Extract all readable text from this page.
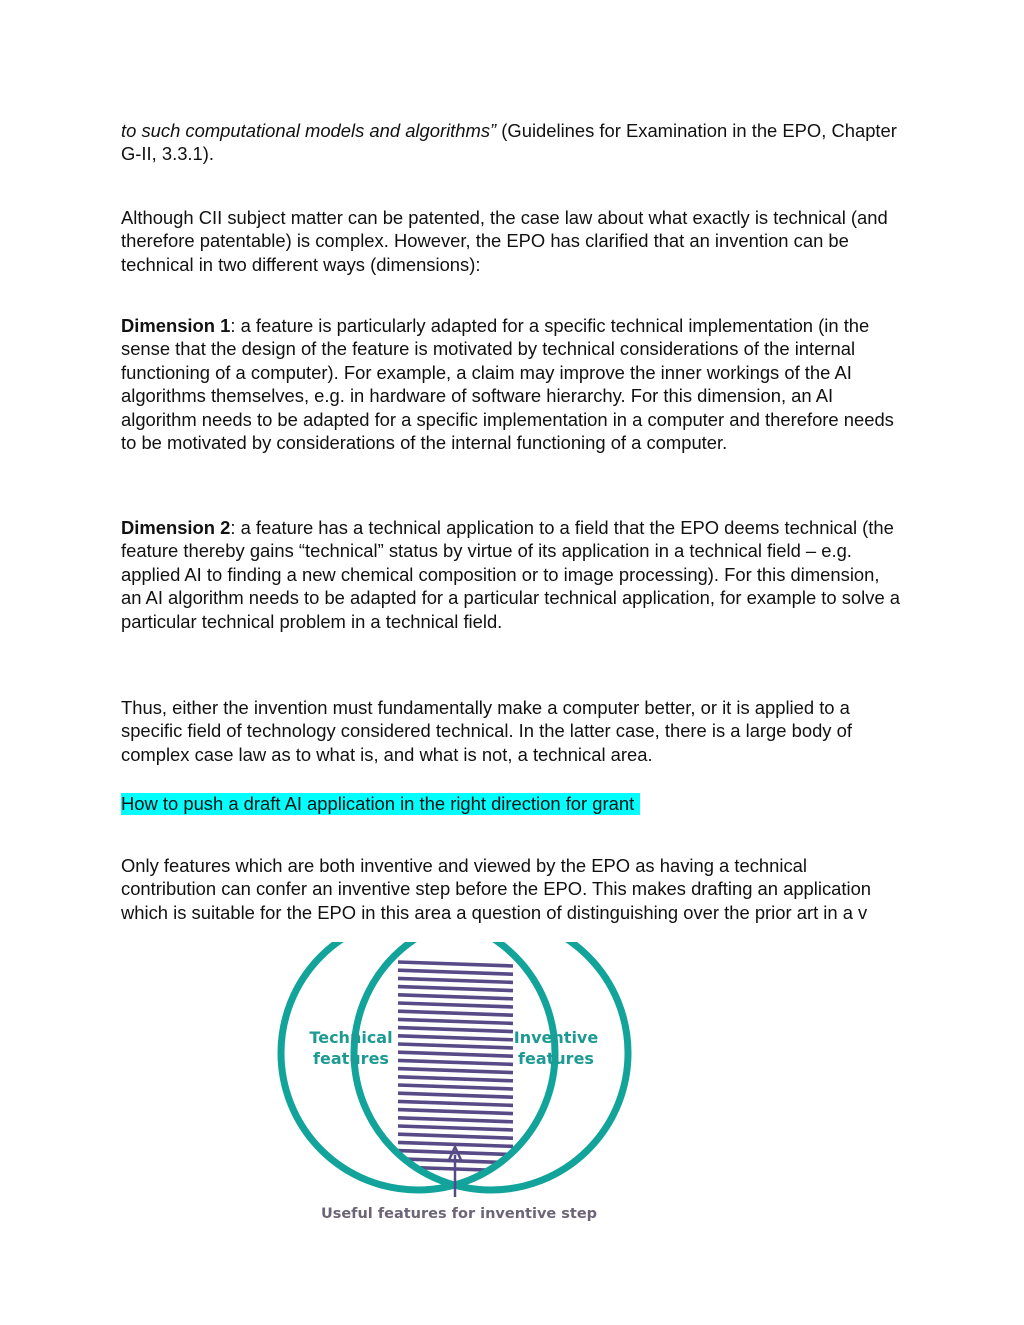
to such computational models and algorithms” (Guidelines for Examination in the EPO, Chapter G-II, 3.3.1).

Although CII subject matter can be patented, the case law about what exactly is technical (and therefore patentable) is complex. However, the EPO has clarified that an invention can be technical in two different ways (dimensions):

Dimension 1: a feature is particularly adapted for a specific technical implementation (in the sense that the design of the feature is motivated by technical considerations of the internal functioning of a computer). For example, a claim may improve the inner workings of the AI algorithms themselves, e.g. in hardware of software hierarchy. For this dimension, an AI algorithm needs to be adapted for a specific implementation in a computer and therefore needs to be motivated by considerations of the internal functioning of a computer.

Dimension 2: a feature has a technical application to a field that the EPO deems technical (the feature thereby gains “technical” status by virtue of its application in a technical field – e.g. applied AI to finding a new chemical composition or to image processing). For this dimension, an AI algorithm needs to be adapted for a particular technical application, for example to solve a particular technical problem in a technical field.

Thus, either the invention must fundamentally make a computer better, or it is applied to a specific field of technology considered technical. In the latter case, there is a large body of complex case law as to what is, and what is not, a technical area.

How to push a draft AI application in the right direction for grant

Only features which are both inventive and viewed by the EPO as having a technical contribution can confer an inventive step before the EPO. This makes drafting an application which is suitable for the EPO in this area a question of distinguishing over the prior art in a v

Technical
features
Inventive
features
Useful features for inventive step
